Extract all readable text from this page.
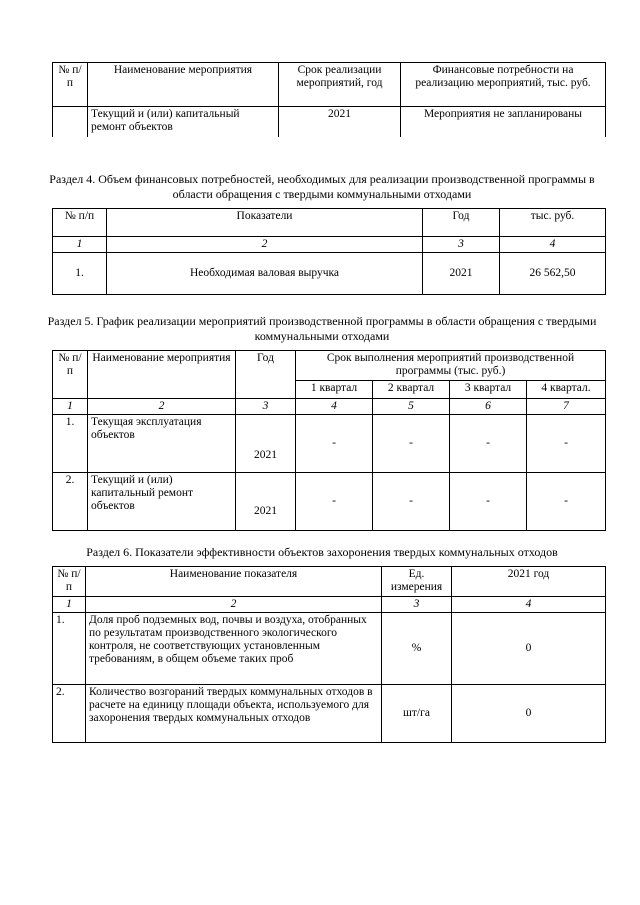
№ п/п	Наименование мероприятия	Срок реализации мероприятий, год	Финансовые потребности на реализацию мероприятий, тыс. руб.
	Текущий и (или) капитальный ремонт объектов	2021	Мероприятия не запланированы
Раздел 4. Объем финансовых потребностей, необходимых для реализации производственной программы в области обращения с твердыми коммунальными отходами
№ п/п	Показатели	Год	тыс. руб.
1	2	3	4
1.	Необходимая валовая выручка	2021	26 562,50
Раздел 5. График реализации мероприятий производственной программы в области обращения с твердыми коммунальными отходами
№ п/п	Наименование мероприятия	Год	Срок выполнения мероприятий производственной программы (тыс. руб.)			
			1 квартал	2 квартал	3 квартал	4 квартал.
1	2	3	4	5	6	7
1.	Текущая эксплуатация объектов	2021	-	-	-	-
2.	Текущий и (или) капитальный ремонт объектов	2021	-	-	-	-
Раздел 6. Показатели эффективности объектов захоронения твердых коммунальных отходов
№ п/п	Наименование показателя	Ед. измерения	2021 год
1	2	3	4
1.	Доля проб подземных вод, почвы и воздуха, отобранных по результатам производственного экологического контроля, не соответствующих установленным требованиям, в общем объеме таких проб	%	0
2.	Количество возгораний твердых коммунальных отходов в расчете на единицу площади объекта, используемого для захоронения твердых коммунальных отходов	шт/га	0
